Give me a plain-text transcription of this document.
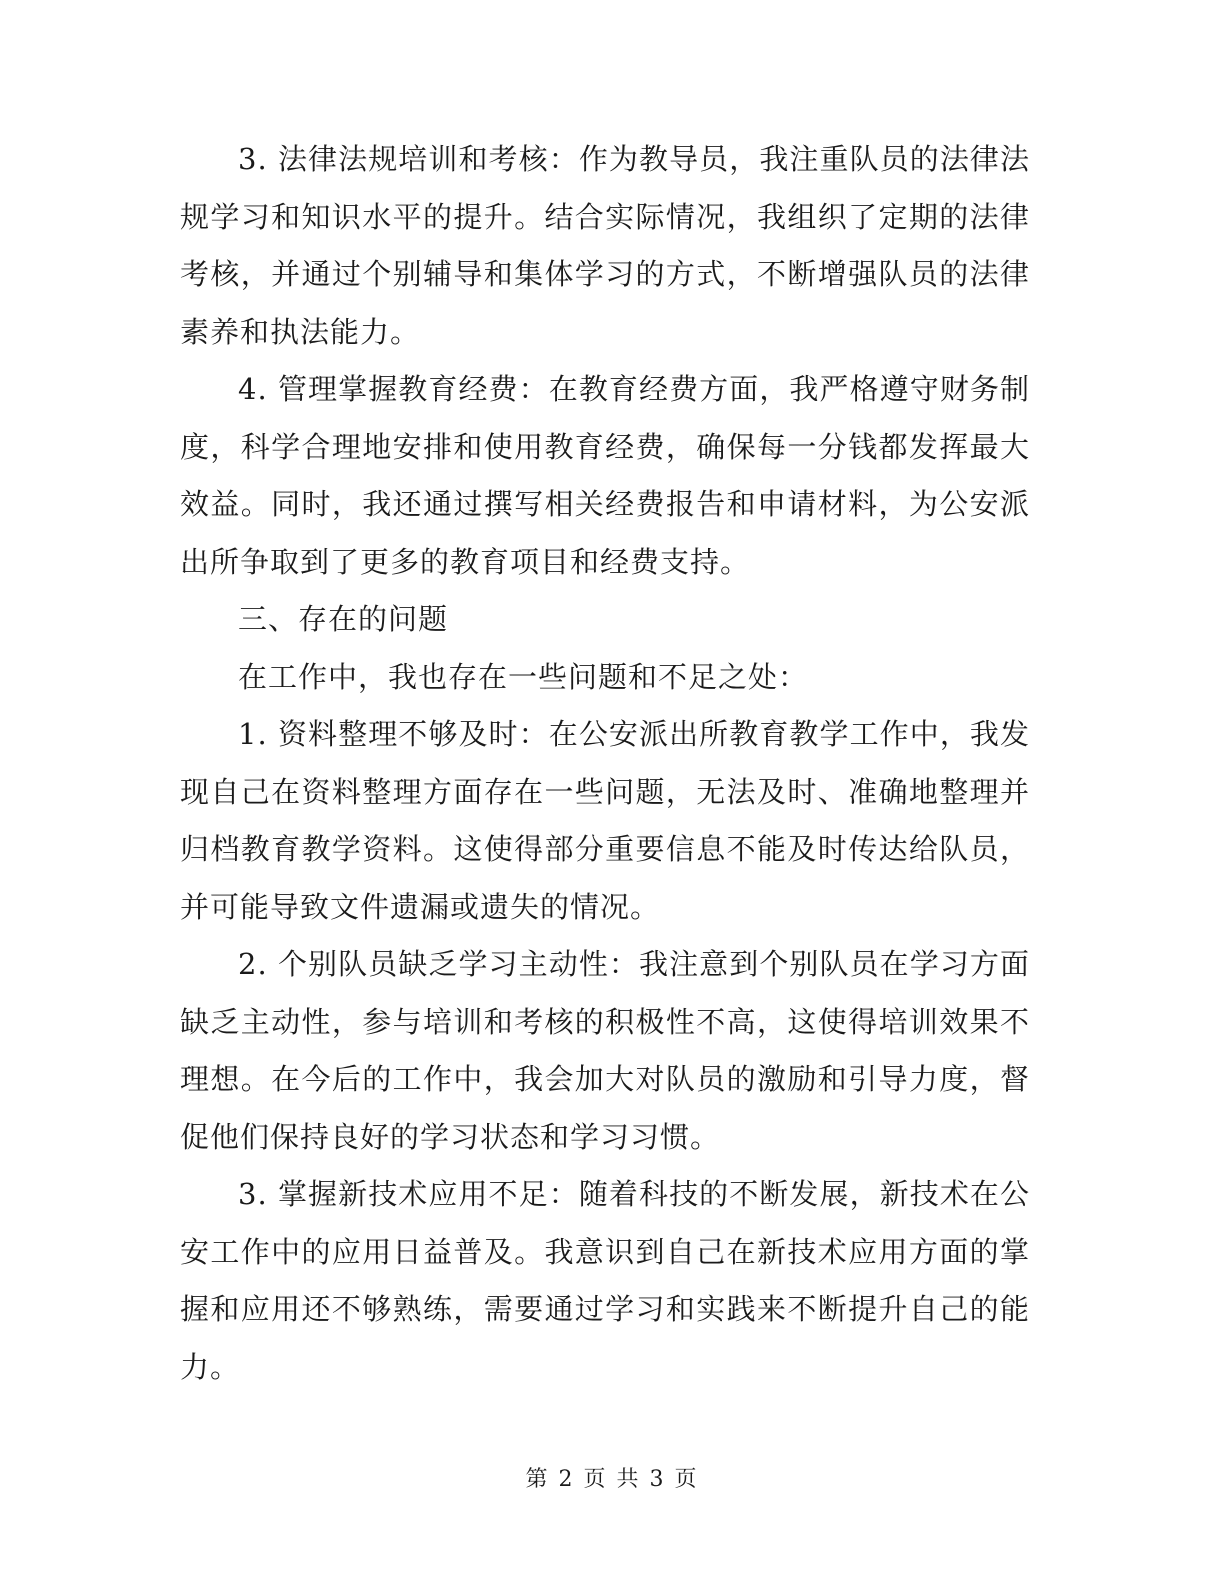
3. 法律法规培训和考核：作为教导员，我注重队员的法律法规学习和知识水平的提升。结合实际情况，我组织了定期的法律考核，并通过个别辅导和集体学习的方式，不断增强队员的法律素养和执法能力。

4. 管理掌握教育经费：在教育经费方面，我严格遵守财务制度，科学合理地安排和使用教育经费，确保每一分钱都发挥最大效益。同时，我还通过撰写相关经费报告和申请材料，为公安派出所争取到了更多的教育项目和经费支持。

三、存在的问题

在工作中，我也存在一些问题和不足之处：

1. 资料整理不够及时：在公安派出所教育教学工作中，我发现自己在资料整理方面存在一些问题，无法及时、准确地整理并归档教育教学资料。这使得部分重要信息不能及时传达给队员，并可能导致文件遗漏或遗失的情况。

2. 个别队员缺乏学习主动性：我注意到个别队员在学习方面缺乏主动性，参与培训和考核的积极性不高，这使得培训效果不理想。在今后的工作中，我会加大对队员的激励和引导力度，督促他们保持良好的学习状态和学习习惯。

3. 掌握新技术应用不足：随着科技的不断发展，新技术在公安工作中的应用日益普及。我意识到自己在新技术应用方面的掌握和应用还不够熟练，需要通过学习和实践来不断提升自己的能力。

第 2 页 共 3 页
